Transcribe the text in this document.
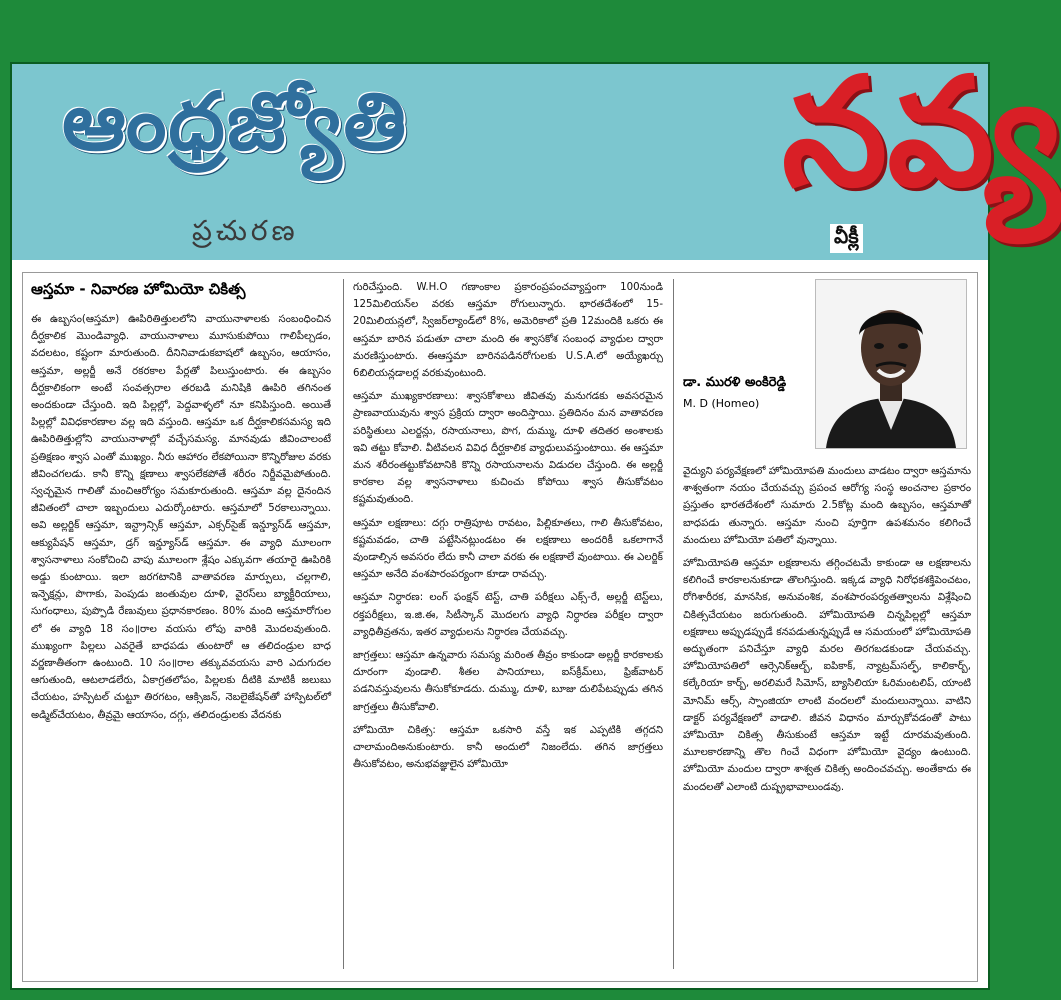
ఆంధ్రజ్యోతి
ప్రచురణ
నవ్య
వీక్లీ
ఆస్తమా - నివారణ హోమియో చికిత్స

ఈ ఉబ్బసం(ఆస్తమా) ఊపిరితిత్తులలోని వాయునాళాలకు సంబంధించిన దీర్ఘకాలిక మొండివ్యాధి. వాయునాళాలు మూసుకుపోయి గాలిపీల్చడం, వదలటం, కష్టంగా మారుతుంది. దీనినివాడుకబాషలో ఉబ్బసం, ఆయాసం, ఆస్తమా, అల్లర్జీ అనే రకరకాల పేర్లతో పిలుస్తుంటారు. ఈ ఉబ్బసం దీర్ఘకాలికంగా అంటే సంవత్సరాల తరబడి మనిషికి ఊపిరి తగినంత అందకుండా చేస్తుంది. ఇది పిల్లల్లో, పెద్దవాళ్ళలో నూ కనిపిస్తుంది. అయితే పిల్లల్లో వివిధకారణాల వల్ల ఇది వస్తుంది. ఆస్తమా ఒక దీర్ఘకాలికసమస్య ఇది ఊపిరితిత్తుల్లోని వాయునాళాల్లో వచ్చేసమస్య. మానవుడు జీవించాలంటే ప్రతిక్షణం శ్వాస ఎంతో ముఖ్యం. నీరు ఆహారం లేకపోయినా కొన్నిరోజుల వరకు జీవించగలడు. కానీ కొన్ని క్షణాలు శ్వాసలేకపోతే శరీరం నిర్జీవమైపోతుంది. స్వచ్ఛమైన గాలితో మంచిఆరోగ్యం సమకూరుతుంది. ఆస్తమా వల్ల దైనందిన జీవితంలో చాలా ఇబ్బందులు ఎదుర్కోంటారు. ఆస్తమాలో 5రకాలున్నాయి. అవి అల్లర్జిక్ ఆస్తమా, ఇన్ట్రాన్సిక్ ఆస్తమా, ఎక్సర్‌సైజ్ ఇన్డ్యూస్‌డ్ ఆస్తమా, ఆక్యుపేషన్ ఆస్తమా, డ్రగ్ ఇన్డ్యూస్‌డ్ ఆస్తమా. ఈ వ్యాధి మూలంగా శ్వాసనాళాలు సంకోచించి వాపు మూలంగా శ్లేషం ఎక్కువగా తయారై ఊపిరికి అడ్డు కుంటాయి. ఇలా జరగటానికి వాతావరణ మార్పులు, చల్లగాలి, ఇన్ఫెక్షన్లు, పొగాకు, పెంపుడు జంతువుల దూళి, వైరస్‌లు బ్యాక్టీరియాలు, సుగంధాలు, పుప్పొడి రేణువులు ప్రధానకారణం. 80% మంది ఆస్తమారోగుల లో ఈ వ్యాధి 18 సం॥రాల వయసు లోపు వారికి మొదలవుతుంది. ముఖ్యంగా పిల్లలు ఎవరైతే బాధపడు తుంటారో ఆ తలిదండ్రుల బాధ వర్ణణాతీతంగా ఉంటుంది. 10 సం॥రాల తక్కువవయసు వారి ఎదుగుదల ఆగుతుంది, ఆటలాడలేరు, ఏకాగ్రతలోపం, పిల్లలకు దీటికి మాటికీ జలుబు చేయటం, హస్పిటల్ చుట్టూ తిరగటం, ఆక్సిజన్, నెబలైజేషన్‌తో హాస్పిటల్‌లో అడ్మిట్‌చేయటం, తీవ్రమై ఆయాసం, దగ్గు, తలిదండ్రులకు వేదనకు

గురిచేస్తుంది. W.H.O గణాంకాల ప్రకారంప్రపంచవ్యాప్తంగా 100నుండి 125మిలియన్‌ల వరకు ఆస్తమా రోగులున్నారు. భారతదేశంలో 15-20మిలియన్లలో, స్విజర్‌ల్యాండ్‌లో 8%, అమెరికాలో ప్రతి 12మందికి ఒకరు ఈ ఆస్తమా బారిన పడుతూ చాలా మంది ఈ శ్వాసకోశ సంబంధ వ్యాధుల ద్వారా మరణిస్తుంటారు. ఈఆస్తమా బారినపడినరోగులకు U.S.A.లో అయ్యేఖర్చు 6బిలియన్లడాలర్ల వరకువుంటుంది.

ఆస్తమా ముఖ్యకారణాలు: శ్వాసకోశాలు జీవితవు మనుగడకు అవసరమైన ప్రాణవాయువును శ్వాస ప్రక్రియ ద్వారా అందిస్తాయి. ప్రతిదినం మన వాతావరణ పరిస్థితులు ఎలర్జన్లు, రసాయనాలు, పొగ, దుమ్ము, దూళి తదితర అంశాలకు ఇవి తట్టు కోవాలి. వీటివలన వివిధ దీర్ఘకాలిక వ్యాధులువస్తుంటాయి. ఈ ఆస్తమా మన శరీరంతట్టుకోవటానికి కొన్ని రసాయనాలను విడుదల చేస్తుంది. ఈ అల్లర్జీ కారకాల వల్ల శ్వాసనాళాలు కుచించు కోపోయి శ్వాస తీసుకోవటం కష్టమవుతుంది.

ఆస్తమా లక్షణాలు: దగ్గు రాత్రిపూట రావటం, పిల్లికూతలు, గాలి తీసుకోవటం, కష్టమవడం, చాతి పట్టేసినట్లుండటం ఈ లక్షణాలు అందరికీ ఒకలాగానే వుండాల్సిన అవసరం లేదు కానీ చాలా వరకు ఈ లక్షణాలే వుంటాయి. ఈ ఎలర్జిక్ ఆస్తమా అనేది వంశపారంపర్యంగా కూడా రావచ్చు.

ఆస్తమా నిర్ధారణ: లంగ్ ఫంక్షన్ టెస్ట్, చాతి పరీక్షలు ఎక్స్-రే, అల్లర్జీ టెస్ట్‌లు, రక్తపరీక్షలు, ఇ.జి.ఈ, సిటీస్కాన్ మొదలగు వ్యాధి నిర్ధారణ పరీక్షల ద్వారా వ్యాధితీవ్రతను, ఇతర వ్యాధులను నిర్ధారణ చేయవచ్చు.

జాగ్రత్తలు: ఆస్తమా ఉన్నవారు సమస్య మరింత తీవ్రం కాకుండా అల్లర్జీ కారకాలకు దూరంగా వుండాలి. శీతల పానియాలు, ఐస్‌క్రీమ్‌లు, ఫ్రిజ్‌వాటర్ పడనివస్తువులను తీసుకోకూడదు. దుమ్ము, దూళి, బూజు దులిపేటప్పుడు తగిన జాగ్రత్తలు తీసుకోవాలి.

హోమియో చికిత్స: ఆస్తమా ఒకసారి వస్తే ఇక ఎప్పటికి తగ్గదని చాలామందిఅనుకుంటారు. కానీ అందులో నిజంలేదు. తగిన జాగ్రత్తలు తీసుకోవటం, అనుభవజ్ఞులైన హోమియో

డా. మురళి అంకిరెడ్డి
M. D (Homeo)

వైద్యుని పర్యవేక్షణలో హోమియోపతి మందులు వాడటం ద్వారా ఆస్తమాను శాశ్వతంగా నయం చేయవచ్చు ప్రపంచ ఆరోగ్య సంస్థ అంచనాల ప్రకారం ప్రస్తుతం భారతదేశంలో సుమారు 2.5కోట్ల మంది ఉబ్బసం, ఆస్తమాతో బాధపడు తున్నారు. ఆస్తమా నుంచి పూర్తిగా ఉపశమనం కలిగించే మందులు హోమియో పతిలో వున్నాయి.

హోమియోపతి ఆస్తమా లక్షణాలను తగ్గించటమే కాకుండా ఆ లక్షణాలను కలిగించే కారకాలనుకూడా తొలగిస్తుంది. ఇక్కడ వ్యాధి నిరోధకశక్తిపెంచటం, రోగిశారీరక, మానసిక, అనువంశిక, వంశపారంపర్యతత్వాలను విశ్లేషించి చికిత్సచేయటం జరుగుతుంది. హోమియోపతి చిన్నపిల్లల్లో ఆస్తమా లక్షణాలు అప్పుడప్పుడే కనపడుతున్నప్పుడే ఆ సమయంలో హోమియోపతి అద్భుతంగా పనిచేస్తూ వ్యాధి మరల తిరగబడకుండా చేయవచ్చు. హోమియోపతిలో ఆర్సెనిక్‌ఆల్బ్, ఐపికాక్, న్యాట్రమ్‌సల్ఫ్, కాలికార్బ్, కల్కేరియా కార్బ్, అరలిమరే సిమోస్, బ్యాసిలియా ఓరిమంటలిప్, యాంటి మోనిమ్ ఆర్స్, స్పాంజియా లాంటి వందలలో మందులున్నాయి. వాటిని డాక్టర్ పర్యవేక్షణలో వాడాలి. జీవన విధానం మార్చుకోవడంతో పాటు హోమియో చికిత్స తీసుకుంటే ఆస్తమా ఇట్టే దూరమవుతుంది. మూలకారణాన్ని తొల గించే విధంగా హోమియో వైద్యం ఉంటుంది. హోమియో మందుల ద్వారా శాశ్వత చికిత్స అందించవచ్చు. అంతేకాదు ఈ మందలతో ఎలాంటి దుష్ప్రభావాలుండవు.
